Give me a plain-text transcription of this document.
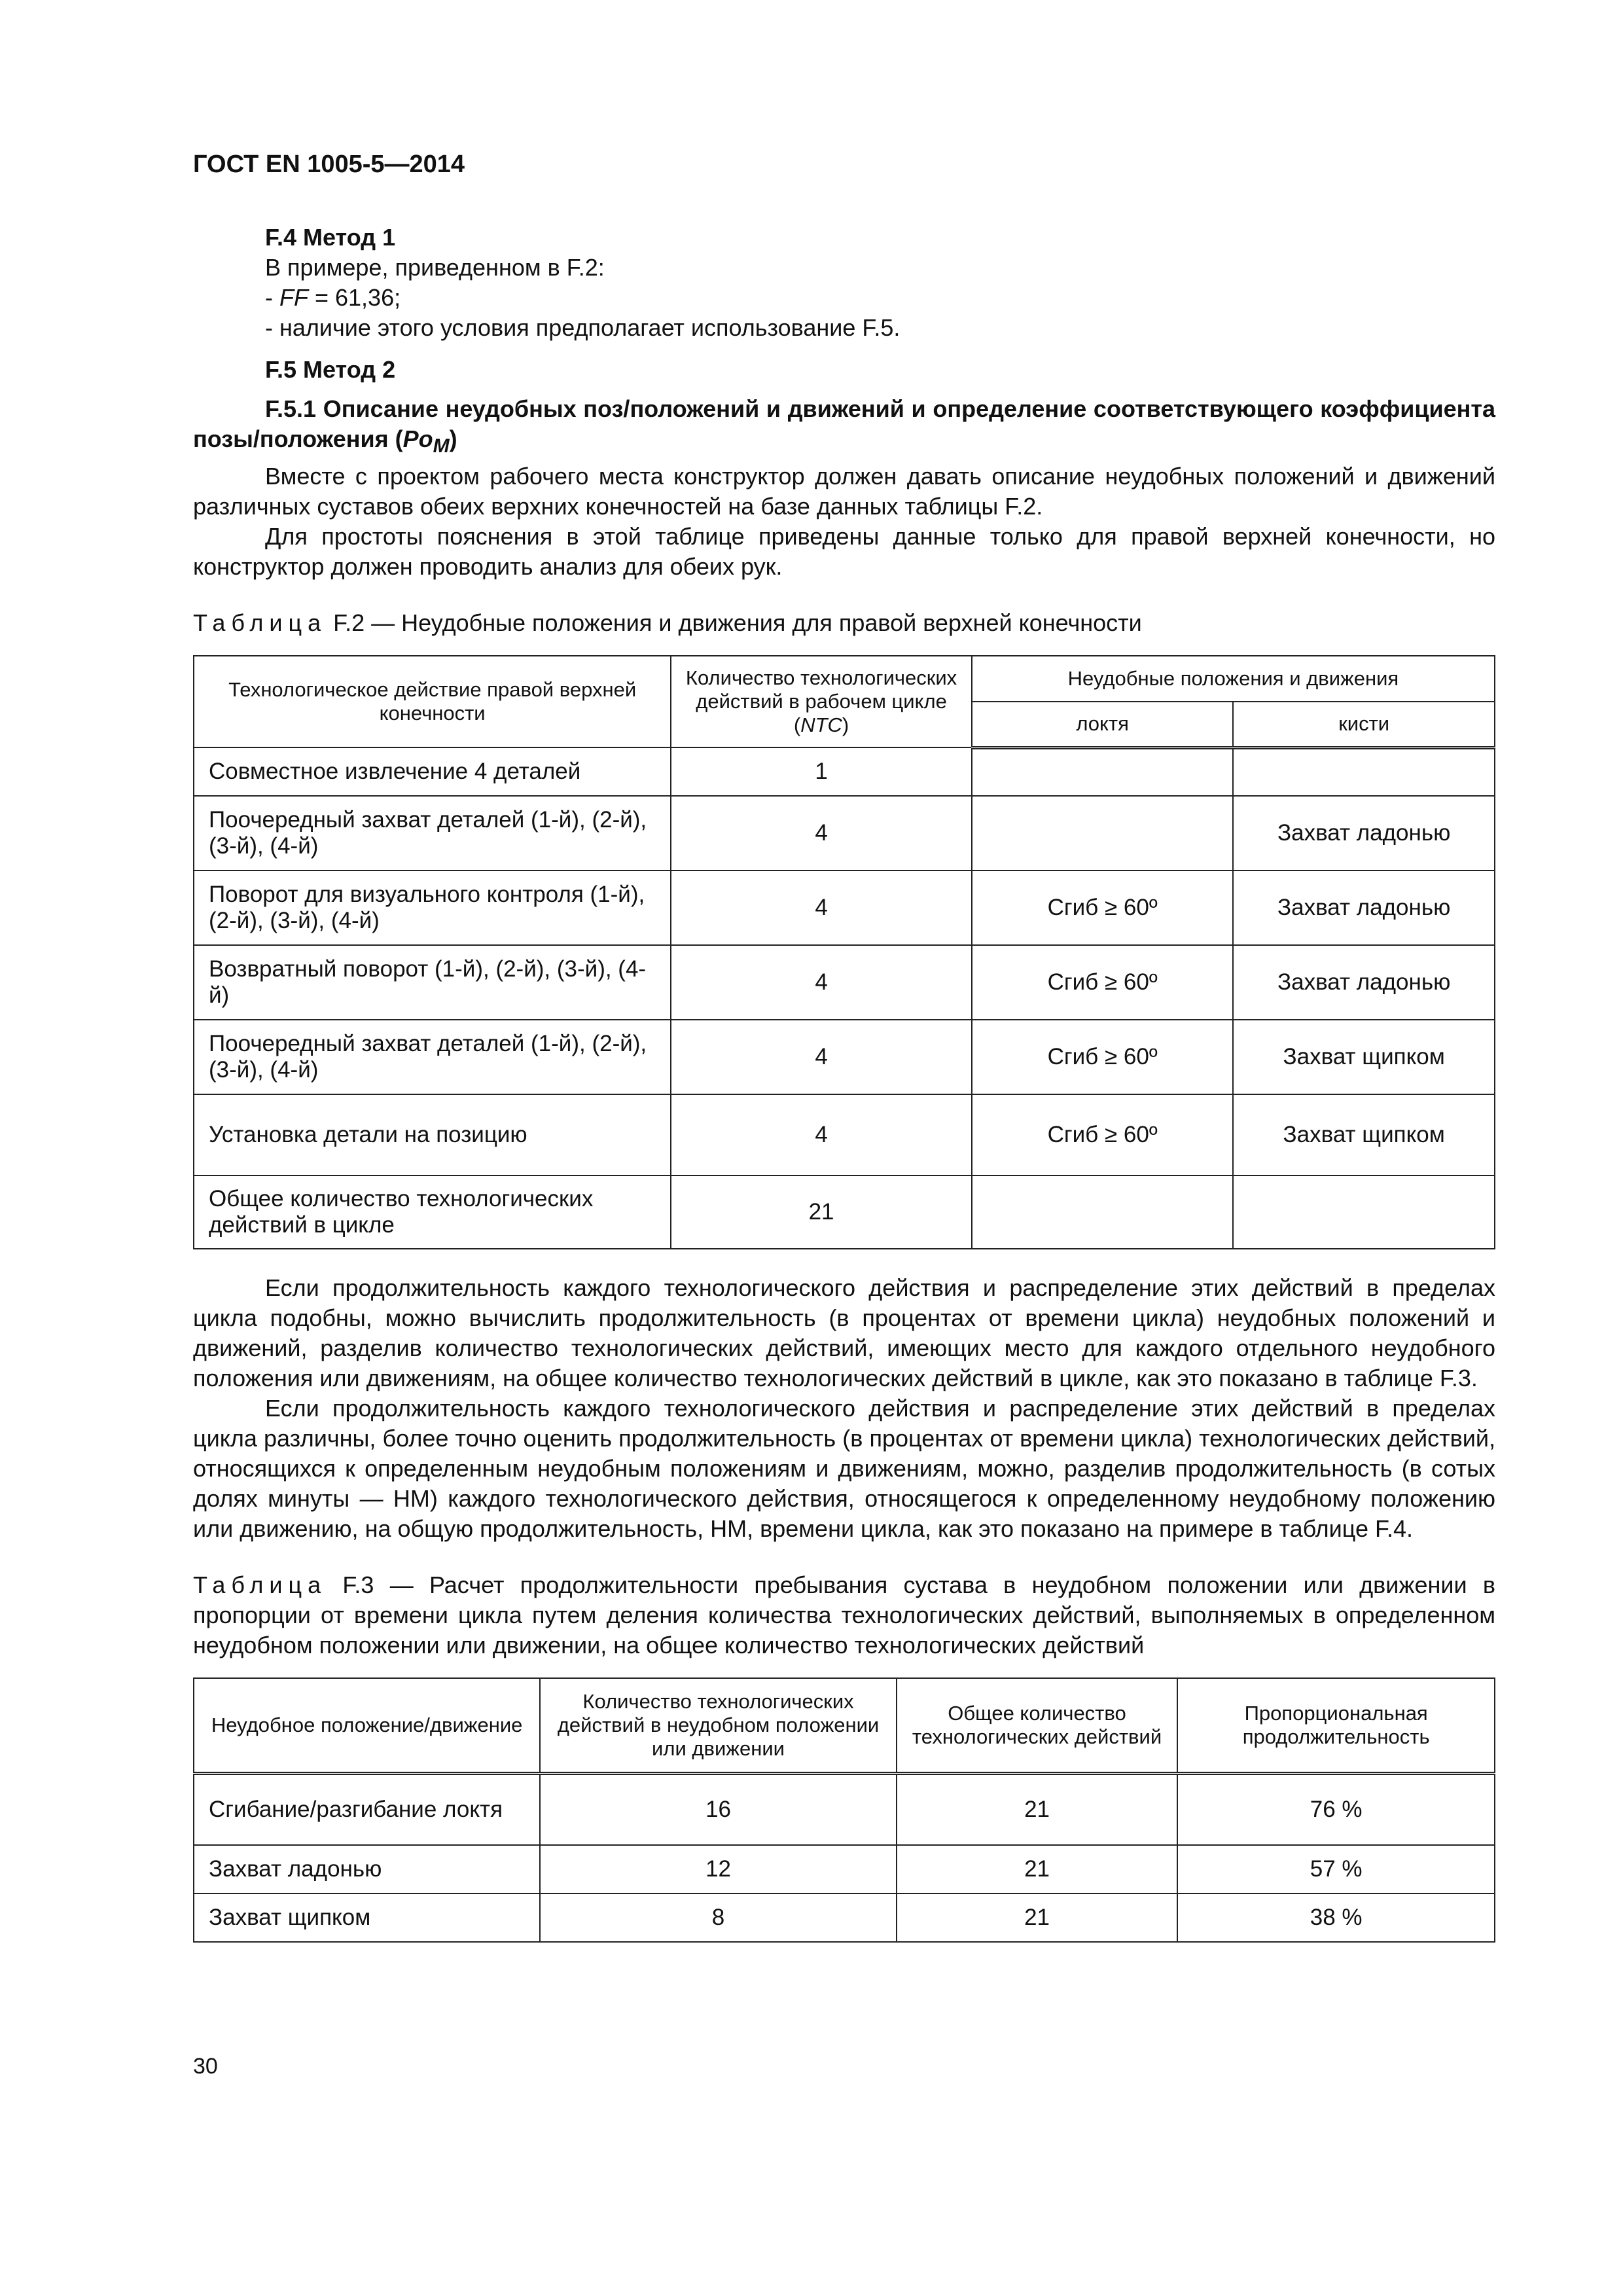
ГОСТ EN 1005-5—2014

F.4 Метод 1

В примере, приведенном в F.2:

- FF = 61,36;

- наличие этого условия предполагает использование F.5.

F.5 Метод 2

F.5.1 Описание неудобных поз/положений и движений и определение соответствующего коэффициента позы/положения $(Po_M)$

Вместе с проектом рабочего места конструктор должен давать описание неудобных положений и движений различных суставов обеих верхних конечностей на базе данных таблицы F.2.

Для простоты пояснения в этой таблице приведены данные только для правой верхней конечности, но конструктор должен проводить анализ для обеих рук.

Таблица F.2 — Неудобные положения и движения для правой верхней конечности

Технологическое действие правой верхней конечности	Количество технологических действий в рабочем цикле (NTC)	Неудобные положения и движения	
		локтя	кисти
Совместное извлечение 4 деталей	1		
Поочередный захват деталей (1-й), (2-й), (3-й), (4-й)	4		Захват ладонью
Поворот для визуального контроля (1-й), (2-й), (3-й), (4-й)	4	Сгиб ≥ 60º	Захват ладонью
Возвратный поворот (1-й), (2-й), (3-й), (4-й)	4	Сгиб ≥ 60º	Захват ладонью
Поочередный захват деталей (1-й), (2-й), (3-й), (4-й)	4	Сгиб ≥ 60º	Захват щипком
Установка детали на позицию	4	Сгиб ≥ 60º	Захват щипком
Общее количество технологических действий в цикле	21		

Если продолжительность каждого технологического действия и распределение этих действий в пределах цикла подобны, можно вычислить продолжительность (в процентах от времени цикла) неудобных положений и движений, разделив количество технологических действий, имеющих место для каждого отдельного неудобного положения или движениям, на общее количество технологических действий в цикле, как это показано в таблице F.3.

Если продолжительность каждого технологического действия и распределение этих действий в пределах цикла различны, более точно оценить продолжительность (в процентах от времени цикла) технологических действий, относящихся к определенным неудобным положениям и движениям, можно, разделив продолжительность (в сотых долях минуты — НМ) каждого технологического действия, относящегося к определенному неудобному положению или движению, на общую продолжительность, НМ, времени цикла, как это показано на примере в таблице F.4.

Таблица F.3 — Расчет продолжительности пребывания сустава в неудобном положении или движении в пропорции от времени цикла путем деления количества технологических действий, выполняемых в определенном неудобном положении или движении, на общее количество технологических действий

Неудобное положение/движение	Количество технологических действий в неудобном положении или движении	Общее количество технологических действий	Пропорциональная продолжительность
Сгибание/разгибание локтя	16	21	76 %
Захват ладонью	12	21	57 %
Захват щипком	8	21	38 %
30
